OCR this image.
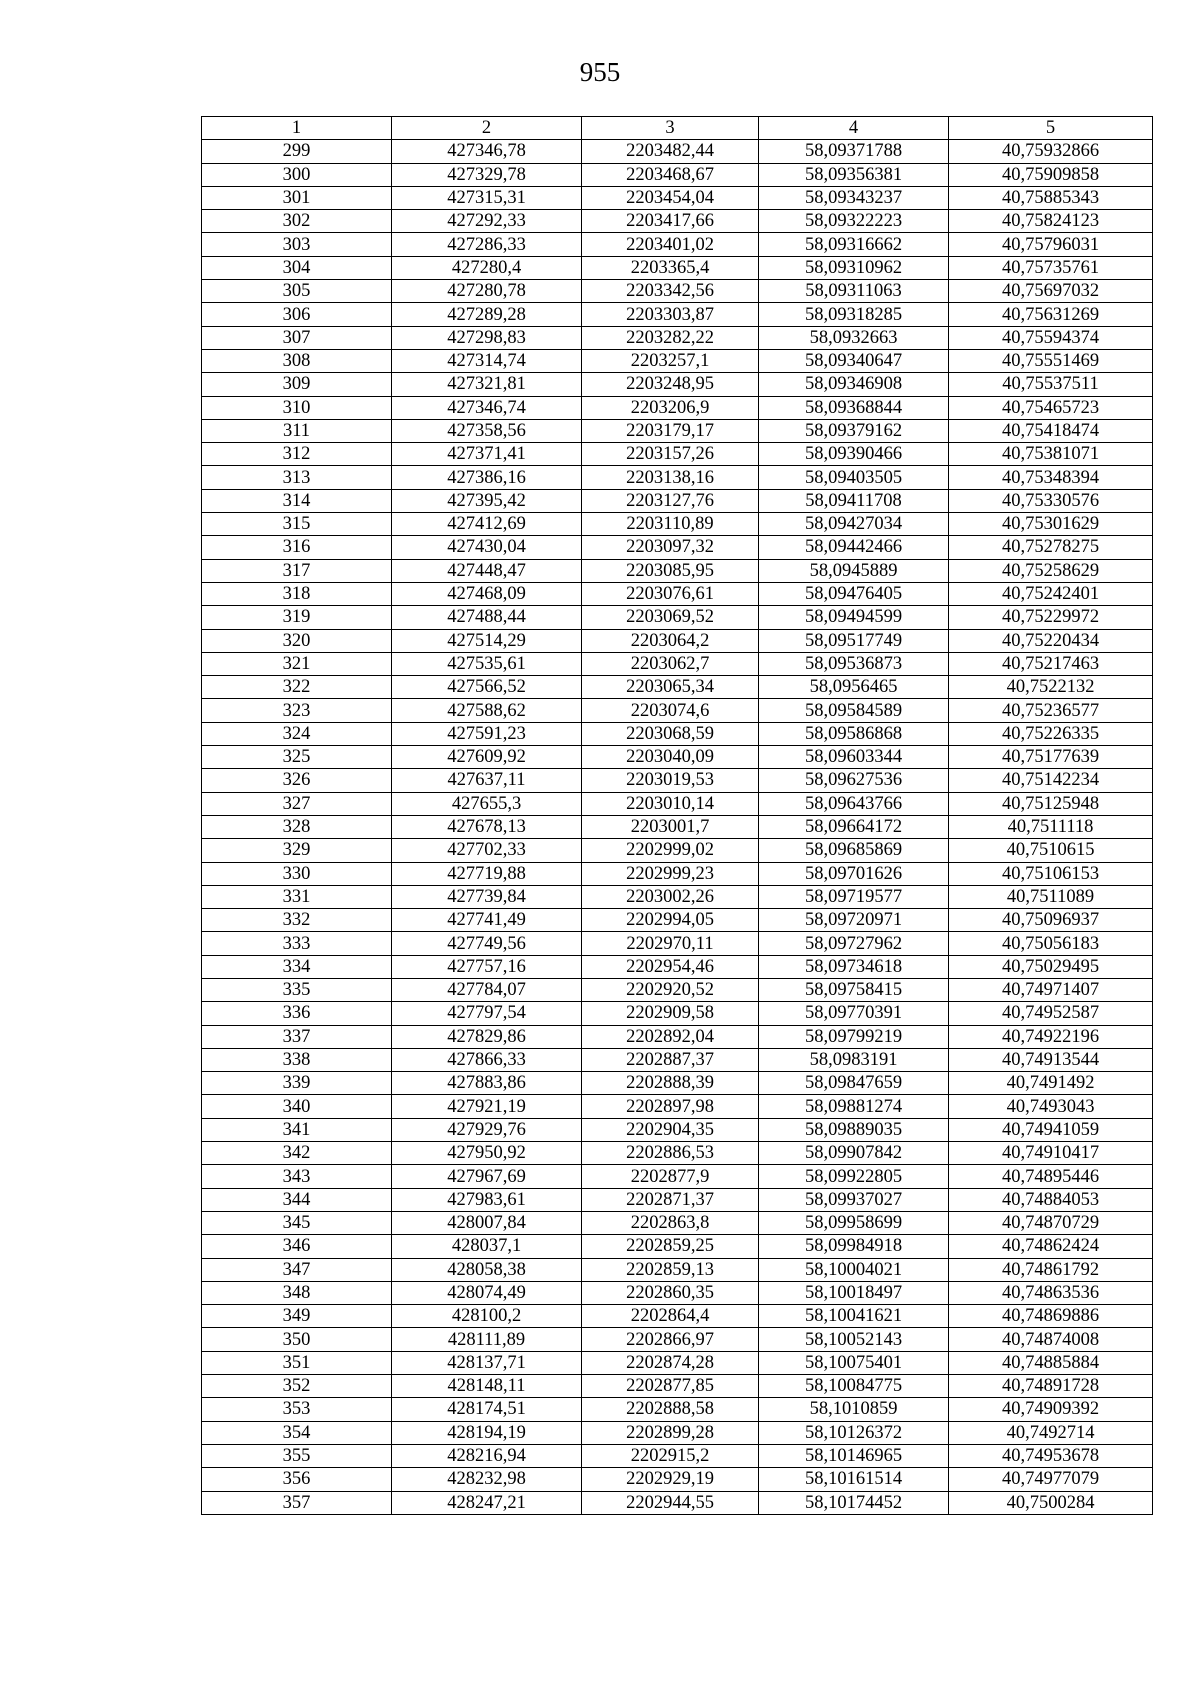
955
1	2	3	4	5
299	427346,78	2203482,44	58,09371788	40,75932866
300	427329,78	2203468,67	58,09356381	40,75909858
301	427315,31	2203454,04	58,09343237	40,75885343
302	427292,33	2203417,66	58,09322223	40,75824123
303	427286,33	2203401,02	58,09316662	40,75796031
304	427280,4	2203365,4	58,09310962	40,75735761
305	427280,78	2203342,56	58,09311063	40,75697032
306	427289,28	2203303,87	58,09318285	40,75631269
307	427298,83	2203282,22	58,0932663	40,75594374
308	427314,74	2203257,1	58,09340647	40,75551469
309	427321,81	2203248,95	58,09346908	40,75537511
310	427346,74	2203206,9	58,09368844	40,75465723
311	427358,56	2203179,17	58,09379162	40,75418474
312	427371,41	2203157,26	58,09390466	40,75381071
313	427386,16	2203138,16	58,09403505	40,75348394
314	427395,42	2203127,76	58,09411708	40,75330576
315	427412,69	2203110,89	58,09427034	40,75301629
316	427430,04	2203097,32	58,09442466	40,75278275
317	427448,47	2203085,95	58,0945889	40,75258629
318	427468,09	2203076,61	58,09476405	40,75242401
319	427488,44	2203069,52	58,09494599	40,75229972
320	427514,29	2203064,2	58,09517749	40,75220434
321	427535,61	2203062,7	58,09536873	40,75217463
322	427566,52	2203065,34	58,0956465	40,7522132
323	427588,62	2203074,6	58,09584589	40,75236577
324	427591,23	2203068,59	58,09586868	40,75226335
325	427609,92	2203040,09	58,09603344	40,75177639
326	427637,11	2203019,53	58,09627536	40,75142234
327	427655,3	2203010,14	58,09643766	40,75125948
328	427678,13	2203001,7	58,09664172	40,7511118
329	427702,33	2202999,02	58,09685869	40,7510615
330	427719,88	2202999,23	58,09701626	40,75106153
331	427739,84	2203002,26	58,09719577	40,7511089
332	427741,49	2202994,05	58,09720971	40,75096937
333	427749,56	2202970,11	58,09727962	40,75056183
334	427757,16	2202954,46	58,09734618	40,75029495
335	427784,07	2202920,52	58,09758415	40,74971407
336	427797,54	2202909,58	58,09770391	40,74952587
337	427829,86	2202892,04	58,09799219	40,74922196
338	427866,33	2202887,37	58,0983191	40,74913544
339	427883,86	2202888,39	58,09847659	40,7491492
340	427921,19	2202897,98	58,09881274	40,7493043
341	427929,76	2202904,35	58,09889035	40,74941059
342	427950,92	2202886,53	58,09907842	40,74910417
343	427967,69	2202877,9	58,09922805	40,74895446
344	427983,61	2202871,37	58,09937027	40,74884053
345	428007,84	2202863,8	58,09958699	40,74870729
346	428037,1	2202859,25	58,09984918	40,74862424
347	428058,38	2202859,13	58,10004021	40,74861792
348	428074,49	2202860,35	58,10018497	40,74863536
349	428100,2	2202864,4	58,10041621	40,74869886
350	428111,89	2202866,97	58,10052143	40,74874008
351	428137,71	2202874,28	58,10075401	40,74885884
352	428148,11	2202877,85	58,10084775	40,74891728
353	428174,51	2202888,58	58,1010859	40,74909392
354	428194,19	2202899,28	58,10126372	40,7492714
355	428216,94	2202915,2	58,10146965	40,74953678
356	428232,98	2202929,19	58,10161514	40,74977079
357	428247,21	2202944,55	58,10174452	40,7500284
